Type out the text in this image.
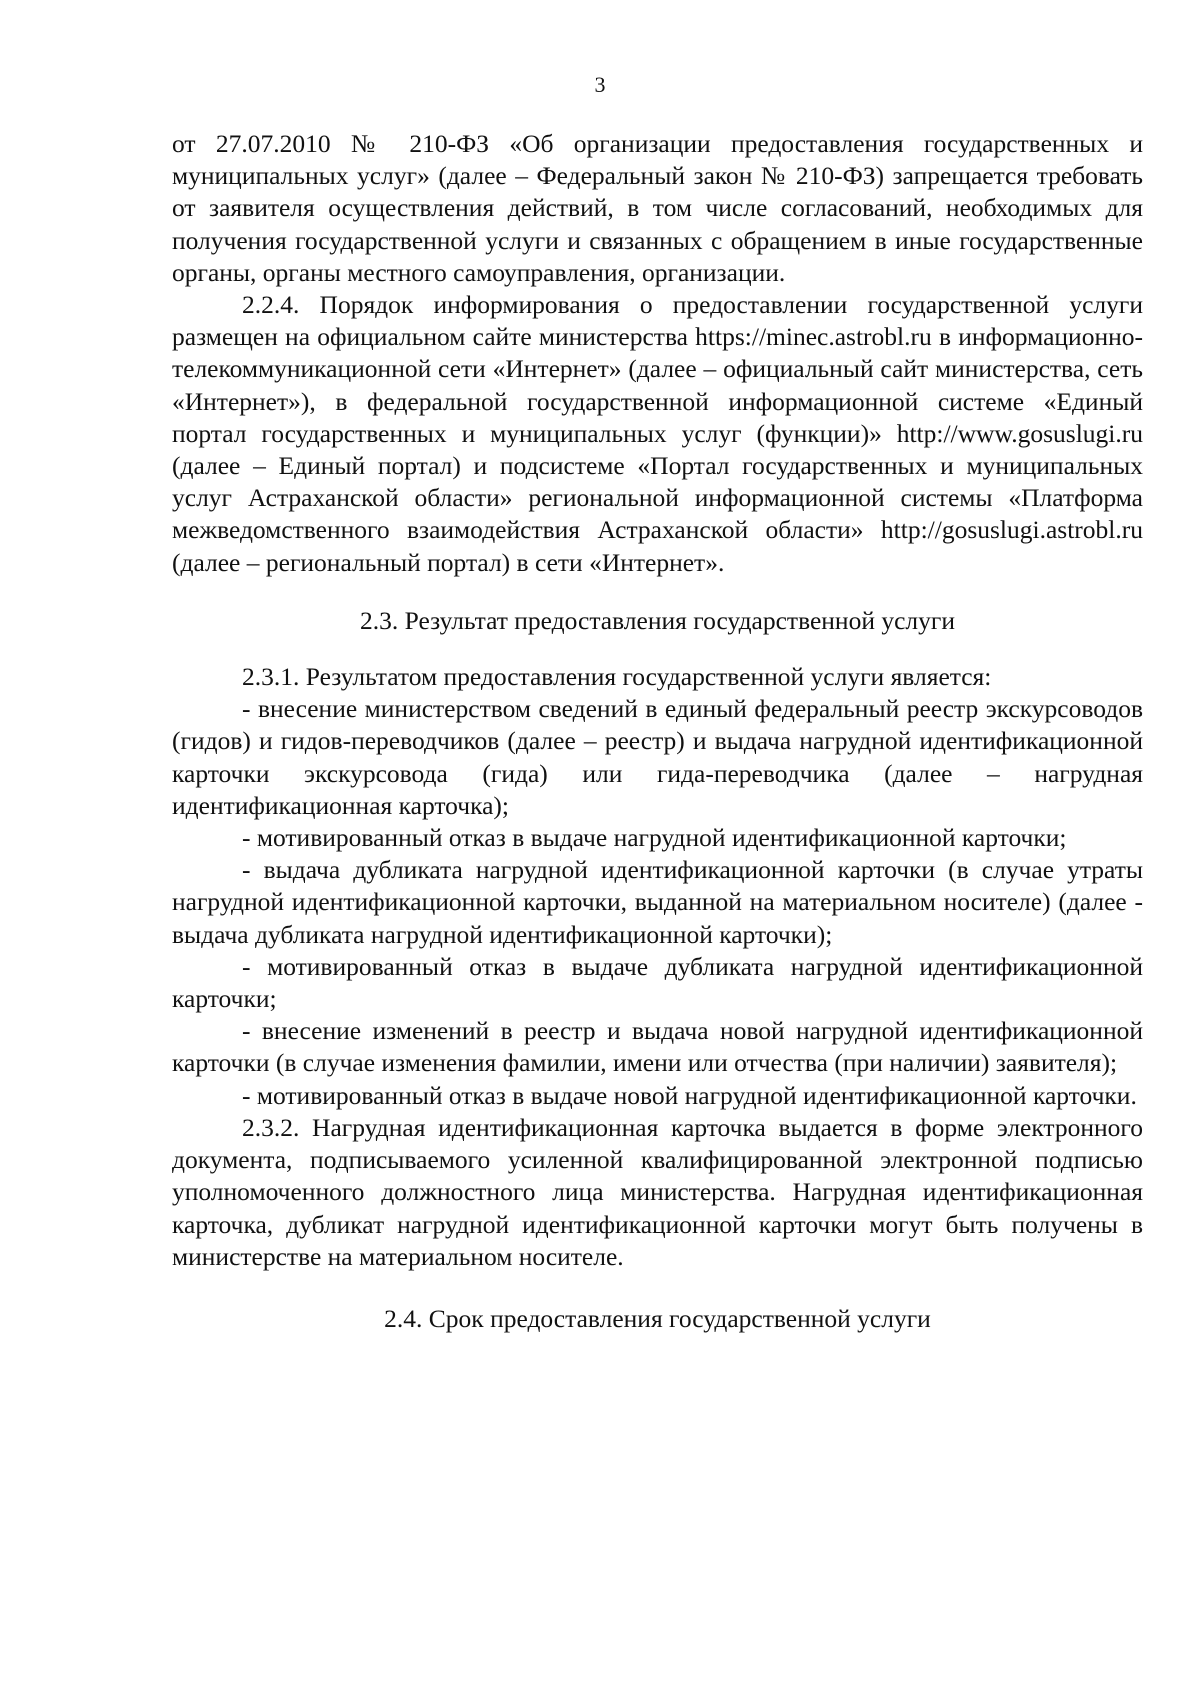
3

от 27.07.2010 № 210-ФЗ «Об организации предоставления государственных и муниципальных услуг» (далее – Федеральный закон № 210-ФЗ) запрещается требовать от заявителя осуществления действий, в том числе согласований, необходимых для получения государственной услуги и связанных с обращением в иные государственные органы, органы местного самоуправления, организации.

2.2.4. Порядок информирования о предоставлении государственной услуги размещен на официальном сайте министерства https://minec.astrobl.ru в информационно-телекоммуникационной сети «Интернет» (далее – официальный сайт министерства, сеть «Интернет»), в федеральной государственной информационной системе «Единый портал государственных и муниципальных услуг (функции)» http://www.gosuslugi.ru (далее – Единый портал) и подсистеме «Портал государственных и муниципальных услуг Астраханской области» региональной информационной системы «Платформа межведомственного взаимодействия Астраханской области» http://gosuslugi.astrobl.ru (далее – региональный портал) в сети «Интернет».

2.3. Результат предоставления государственной услуги

2.3.1. Результатом предоставления государственной услуги является:

- внесение министерством сведений в единый федеральный реестр экскурсоводов (гидов) и гидов-переводчиков (далее – реестр) и выдача нагрудной идентификационной карточки экскурсовода (гида) или гида-переводчика (далее – нагрудная идентификационная карточка);

- мотивированный отказ в выдаче нагрудной идентификационной карточки;

- выдача дубликата нагрудной идентификационной карточки (в случае утраты нагрудной идентификационной карточки, выданной на материальном носителе) (далее - выдача дубликата нагрудной идентификационной карточки);

- мотивированный отказ в выдаче дубликата нагрудной идентификационной карточки;

- внесение изменений в реестр и выдача новой нагрудной идентификационной карточки (в случае изменения фамилии, имени или отчества (при наличии) заявителя);

- мотивированный отказ в выдаче новой нагрудной идентификационной карточки.

2.3.2. Нагрудная идентификационная карточка выдается в форме электронного документа, подписываемого усиленной квалифицированной электронной подписью уполномоченного должностного лица министерства. Нагрудная идентификационная карточка, дубликат нагрудной идентификационной карточки могут быть получены в министерстве на материальном носителе.

2.4. Срок предоставления государственной услуги
